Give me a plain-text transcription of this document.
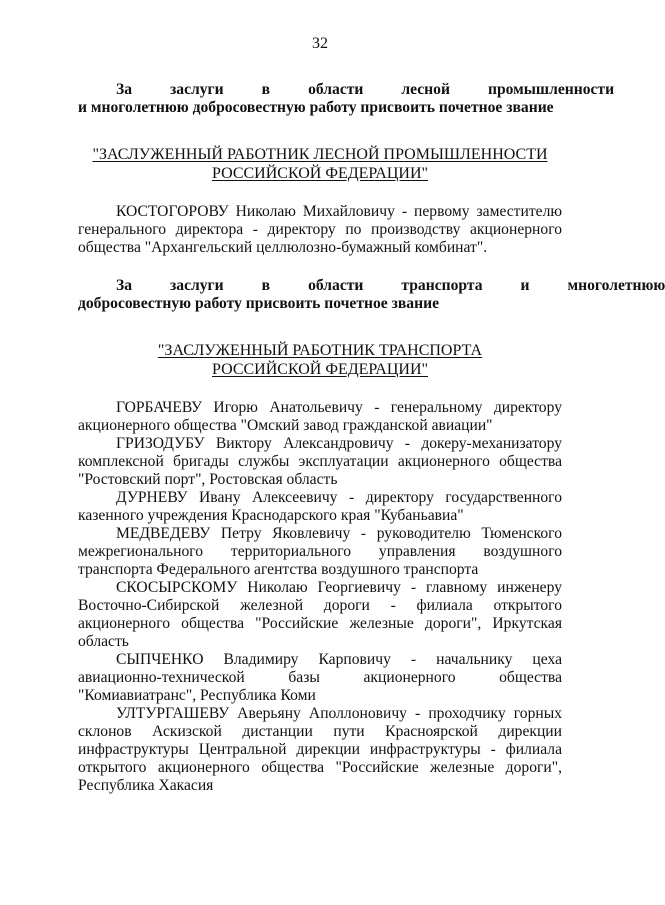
32
За	заслуги	в	области	лесной	промышленности

и многолетнюю добросовестную работу присвоить почетное звание

"ЗАСЛУЖЕННЫЙ РАБОТНИК ЛЕСНОЙ ПРОМЫШЛЕННОСТИ

РОССИЙСКОЙ ФЕДЕРАЦИИ"

КОСТОГОРОВУ Николаю Михайловичу - первому заместителю генерального директора - директору по производству акционерного общества "Архангельский целлюлозно-бумажный комбинат".

За	заслуги	в	области	транспорта	и	многолетнюю

добросовестную работу присвоить почетное звание

"ЗАСЛУЖЕННЫЙ РАБОТНИК ТРАНСПОРТА

РОССИЙСКОЙ ФЕДЕРАЦИИ"

ГОРБАЧЕВУ Игорю Анатольевичу - генеральному директору акционерного общества "Омский завод гражданской авиации"

ГРИЗОДУБУ Виктору Александровичу - докеру-механизатору комплексной бригады службы эксплуатации акционерного общества "Ростовский порт", Ростовская область

ДУРНЕВУ Ивану Алексеевичу - директору государственного казенного учреждения Краснодарского края "Кубаньавиа"

МЕДВЕДЕВУ Петру Яковлевичу - руководителю Тюменского межрегионального территориального управления воздушного транспорта Федерального агентства воздушного транспорта

СКОСЫРСКОМУ Николаю Георгиевичу - главному инженеру Восточно-Сибирской железной дороги - филиала открытого акционерного общества "Российские железные дороги", Иркутская область

СЫПЧЕНКО Владимиру Карповичу - начальнику цеха авиационно-технической базы акционерного общества "Комиавиатранс", Республика Коми

УЛТУРГАШЕВУ Аверьяну Аполлоновичу - проходчику горных склонов Аскизской дистанции пути Красноярской дирекции инфраструктуры Центральной дирекции инфраструктуры - филиала открытого акционерного общества "Российские железные дороги", Республика Хакасия
